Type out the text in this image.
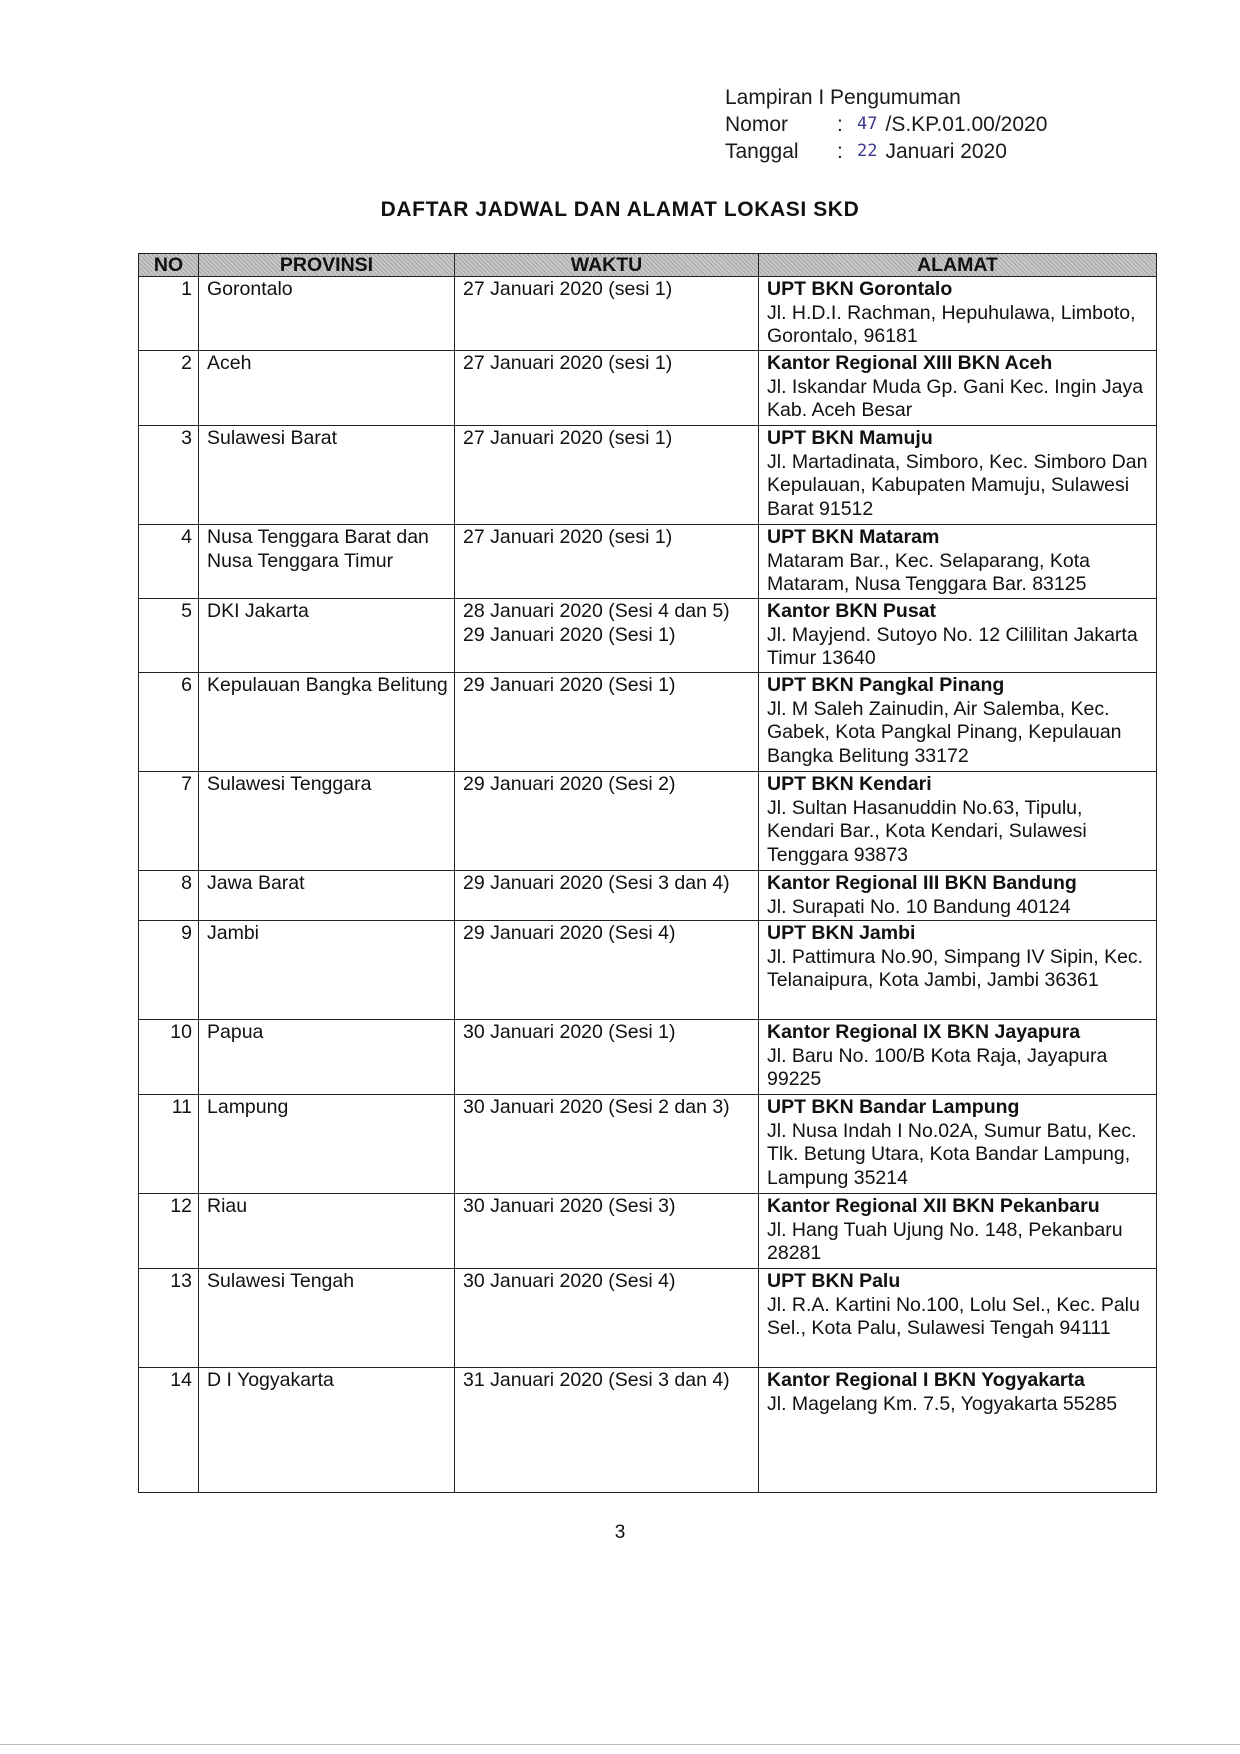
Lampiran I Pengumuman
Nomor	: 47 /S.KP.01.00/2020
Tanggal	: 22 Januari 2020
DAFTAR JADWAL DAN ALAMAT LOKASI SKD
NO	PROVINSI	WAKTU	ALAMAT
1	Gorontalo	27 Januari 2020 (sesi 1)	UPT BKN Gorontalo
Jl. H.D.I. Rachman, Hepuhulawa, Limboto, Gorontalo, 96181

2	Aceh	27 Januari 2020 (sesi 1)	Kantor Regional XIII BKN Aceh
Jl. Iskandar Muda Gp. Gani Kec. Ingin Jaya Kab. Aceh Besar

3	Sulawesi Barat	27 Januari 2020 (sesi 1)	UPT BKN Mamuju
Jl. Martadinata, Simboro, Kec. Simboro Dan Kepulauan, Kabupaten Mamuju, Sulawesi Barat 91512

4	Nusa Tenggara Barat dan Nusa Tenggara Timur	27 Januari 2020 (sesi 1)	UPT BKN Mataram
Mataram Bar., Kec. Selaparang, Kota Mataram, Nusa Tenggara Bar. 83125

5	DKI Jakarta	28 Januari 2020 (Sesi 4 dan 5) 29 Januari 2020 (Sesi 1)	Kantor BKN Pusat
Jl. Mayjend. Sutoyo No. 12 Cililitan Jakarta Timur 13640

6	Kepulauan Bangka Belitung	29 Januari 2020 (Sesi 1)	UPT BKN Pangkal Pinang
Jl. M Saleh Zainudin, Air Salemba, Kec. Gabek, Kota Pangkal Pinang, Kepulauan Bangka Belitung 33172

7	Sulawesi Tenggara	29 Januari 2020 (Sesi 2)	UPT BKN Kendari
Jl. Sultan Hasanuddin No.63, Tipulu, Kendari Bar., Kota Kendari, Sulawesi Tenggara 93873

8	Jawa Barat	29 Januari 2020 (Sesi 3 dan 4)	Kantor Regional III BKN Bandung
Jl. Surapati No. 10 Bandung 40124

9	Jambi	29 Januari 2020 (Sesi 4)	UPT BKN Jambi
Jl. Pattimura No.90, Simpang IV Sipin, Kec. Telanaipura, Kota Jambi, Jambi 36361

10	Papua	30 Januari 2020 (Sesi 1)	Kantor Regional IX BKN Jayapura
Jl. Baru No. 100/B Kota Raja, Jayapura 99225

11	Lampung	30 Januari 2020 (Sesi 2 dan 3)	UPT BKN Bandar Lampung
Jl. Nusa Indah I No.02A, Sumur Batu, Kec. Tlk. Betung Utara, Kota Bandar Lampung, Lampung 35214

12	Riau	30 Januari 2020 (Sesi 3)	Kantor Regional XII BKN Pekanbaru
Jl. Hang Tuah Ujung No. 148, Pekanbaru 28281

13	Sulawesi Tengah	30 Januari 2020 (Sesi 4)	UPT BKN Palu
Jl. R.A. Kartini No.100, Lolu Sel., Kec. Palu Sel., Kota Palu, Sulawesi Tengah 94111

14	D I Yogyakarta	31 Januari 2020 (Sesi 3 dan 4)	Kantor Regional I BKN Yogyakarta
Jl. Magelang Km. 7.5, Yogyakarta 55285
3
